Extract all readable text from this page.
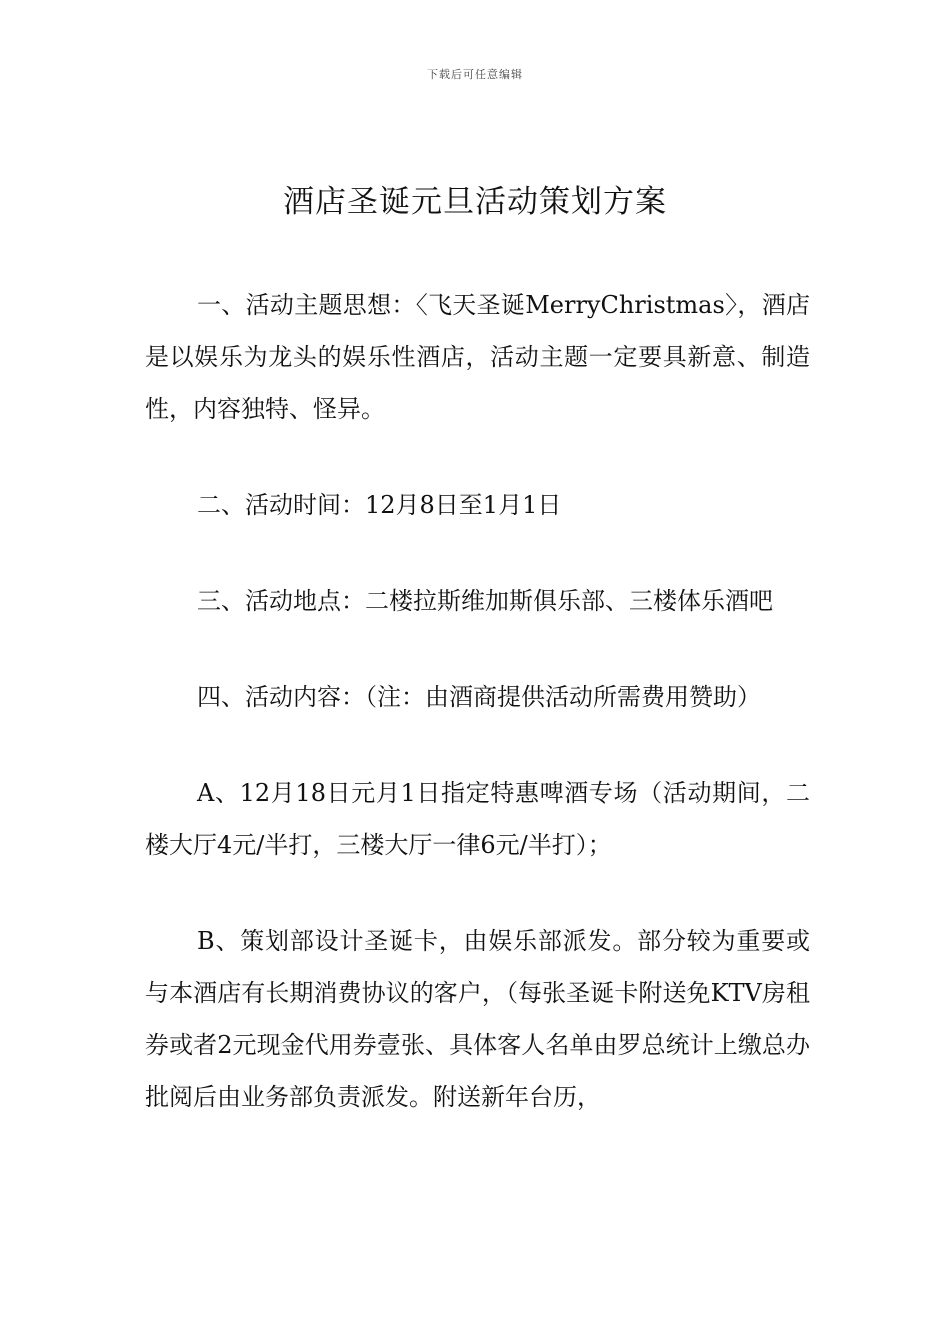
下载后可任意编辑
酒店圣诞元旦活动策划方案

一、活动主题思想：〈飞天圣诞MerryChristmas〉，酒店是以娱乐为龙头的娱乐性酒店，活动主题一定要具新意、制造性，内容独特、怪异。

二、活动时间：12月8日至1月1日

三、活动地点：二楼拉斯维加斯俱乐部、三楼体乐酒吧

四、活动内容：（注：由酒商提供活动所需费用赞助）

A、12月18日元月1日指定特惠啤酒专场（活动期间，二楼大厅4元/半打，三楼大厅一律6元/半打）；

B、策划部设计圣诞卡，由娱乐部派发。部分较为重要或与本酒店有长期消费协议的客户，（每张圣诞卡附送免KTV房租券或者2元现金代用券壹张、具体客人名单由罗总统计上缴总办批阅后由业务部负责派发。附送新年台历，
